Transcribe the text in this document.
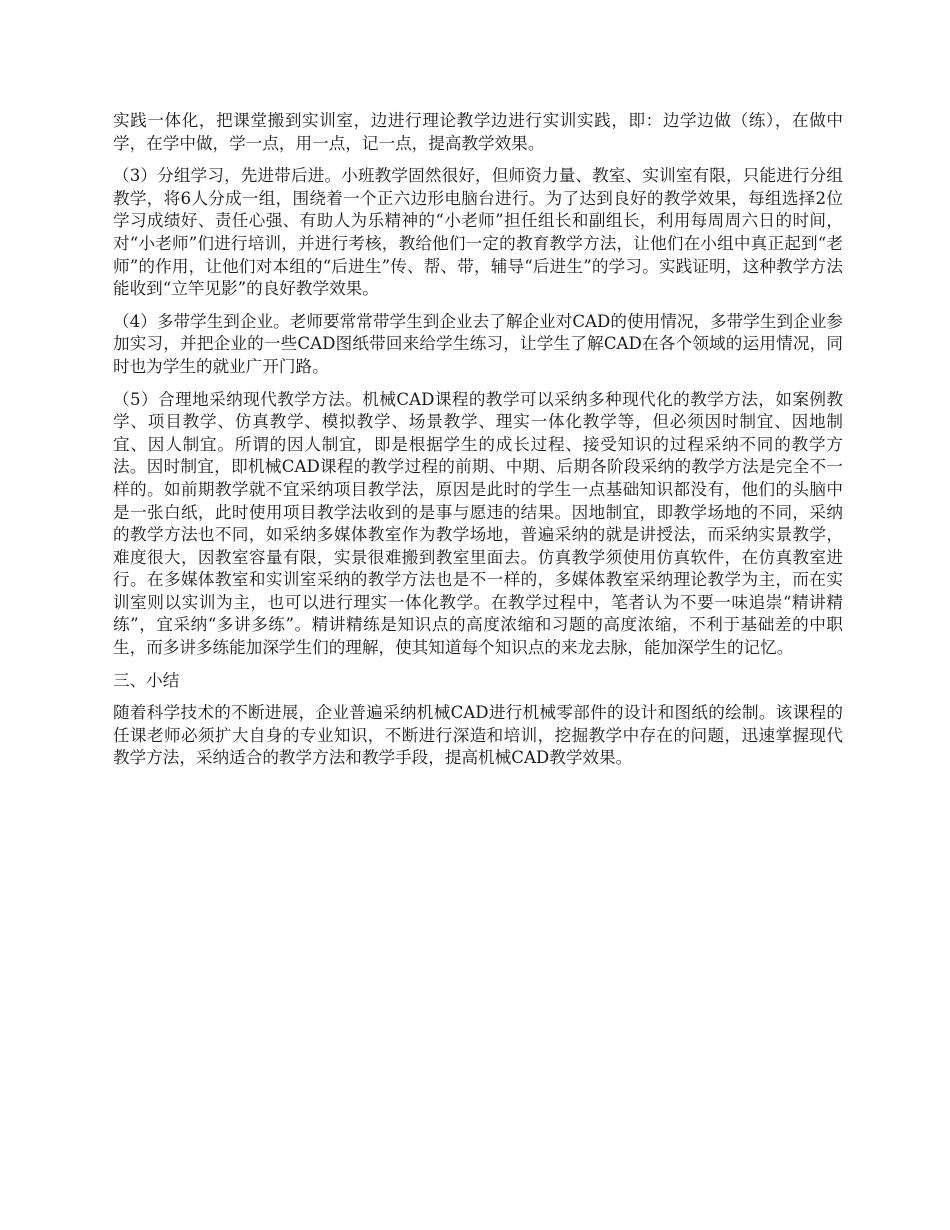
实践一体化，把课堂搬到实训室，边进行理论教学边进行实训实践，即：边学边做（练），在做中学，在学中做，学一点，用一点，记一点，提高教学效果。

（3）分组学习，先进带后进。小班教学固然很好，但师资力量、教室、实训室有限，只能进行分组教学，将6人分成一组，围绕着一个正六边形电脑台进行。为了达到良好的教学效果，每组选择2位学习成绩好、责任心强、有助人为乐精神的“小老师”担任组长和副组长，利用每周周六日的时间，对“小老师”们进行培训，并进行考核，教给他们一定的教育教学方法，让他们在小组中真正起到“老师”的作用，让他们对本组的“后进生”传、帮、带，辅导“后进生”的学习。实践证明，这种教学方法能收到“立竿见影”的良好教学效果。

（4）多带学生到企业。老师要常常带学生到企业去了解企业对CAD的使用情况，多带学生到企业参加实习，并把企业的一些CAD图纸带回来给学生练习，让学生了解CAD在各个领域的运用情况，同时也为学生的就业广开门路。

（5）合理地采纳现代教学方法。机械CAD课程的教学可以采纳多种现代化的教学方法，如案例教学、项目教学、仿真教学、模拟教学、场景教学、理实一体化教学等，但必须因时制宜、因地制宜、因人制宜。所谓的因人制宜，即是根据学生的成长过程、接受知识的过程采纳不同的教学方法。因时制宜，即机械CAD课程的教学过程的前期、中期、后期各阶段采纳的教学方法是完全不一样的。如前期教学就不宜采纳项目教学法，原因是此时的学生一点基础知识都没有，他们的头脑中是一张白纸，此时使用项目教学法收到的是事与愿违的结果。因地制宜，即教学场地的不同，采纳的教学方法也不同，如采纳多媒体教室作为教学场地，普遍采纳的就是讲授法，而采纳实景教学，难度很大，因教室容量有限，实景很难搬到教室里面去。仿真教学须使用仿真软件，在仿真教室进行。在多媒体教室和实训室采纳的教学方法也是不一样的，多媒体教室采纳理论教学为主，而在实训室则以实训为主，也可以进行理实一体化教学。在教学过程中，笔者认为不要一味追崇“精讲精练”，宜采纳“多讲多练”。精讲精练是知识点的高度浓缩和习题的高度浓缩，不利于基础差的中职生，而多讲多练能加深学生们的理解，使其知道每个知识点的来龙去脉，能加深学生的记忆。

三、小结

随着科学技术的不断进展，企业普遍采纳机械CAD进行机械零部件的设计和图纸的绘制。该课程的任课老师必须扩大自身的专业知识，不断进行深造和培训，挖掘教学中存在的问题，迅速掌握现代教学方法，采纳适合的教学方法和教学手段，提高机械CAD教学效果。
